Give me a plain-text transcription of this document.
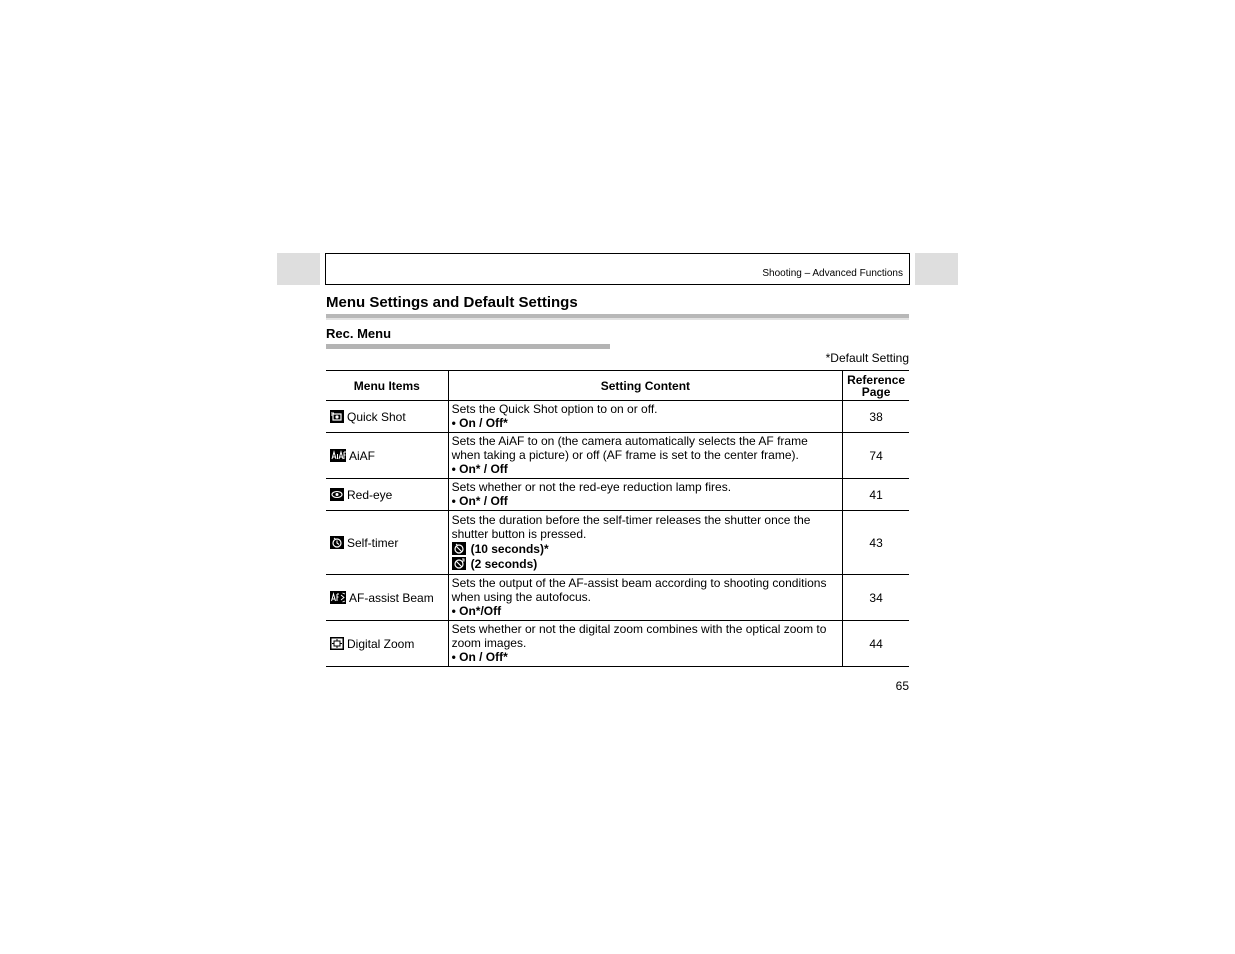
Shooting – Advanced Functions
Menu Settings and Default Settings
Rec. Menu
*Default Setting
Menu Items	Setting Content	Reference
Page

Quick Shot	Sets the Quick Shot option to on or off.
• On / Off*	38

AiAF	Sets the AiAF to on (the camera automatically selects the AF frame when taking a picture) or off (AF frame is set to the center frame).
• On* / Off	74

Red-eye	Sets whether or not the red-eye reduction lamp fires.
• On* / Off	41

Self-timer	Sets the duration before the self-timer releases the shutter once the shutter button is pressed.
(10 seconds)*
(2 seconds)	43

AF-assist Beam	Sets the output of the AF-assist beam according to shooting conditions when using the autofocus.
• On*/Off	34

Digital Zoom	Sets whether or not the digital zoom combines with the optical zoom to zoom images.
• On / Off*	44
65
